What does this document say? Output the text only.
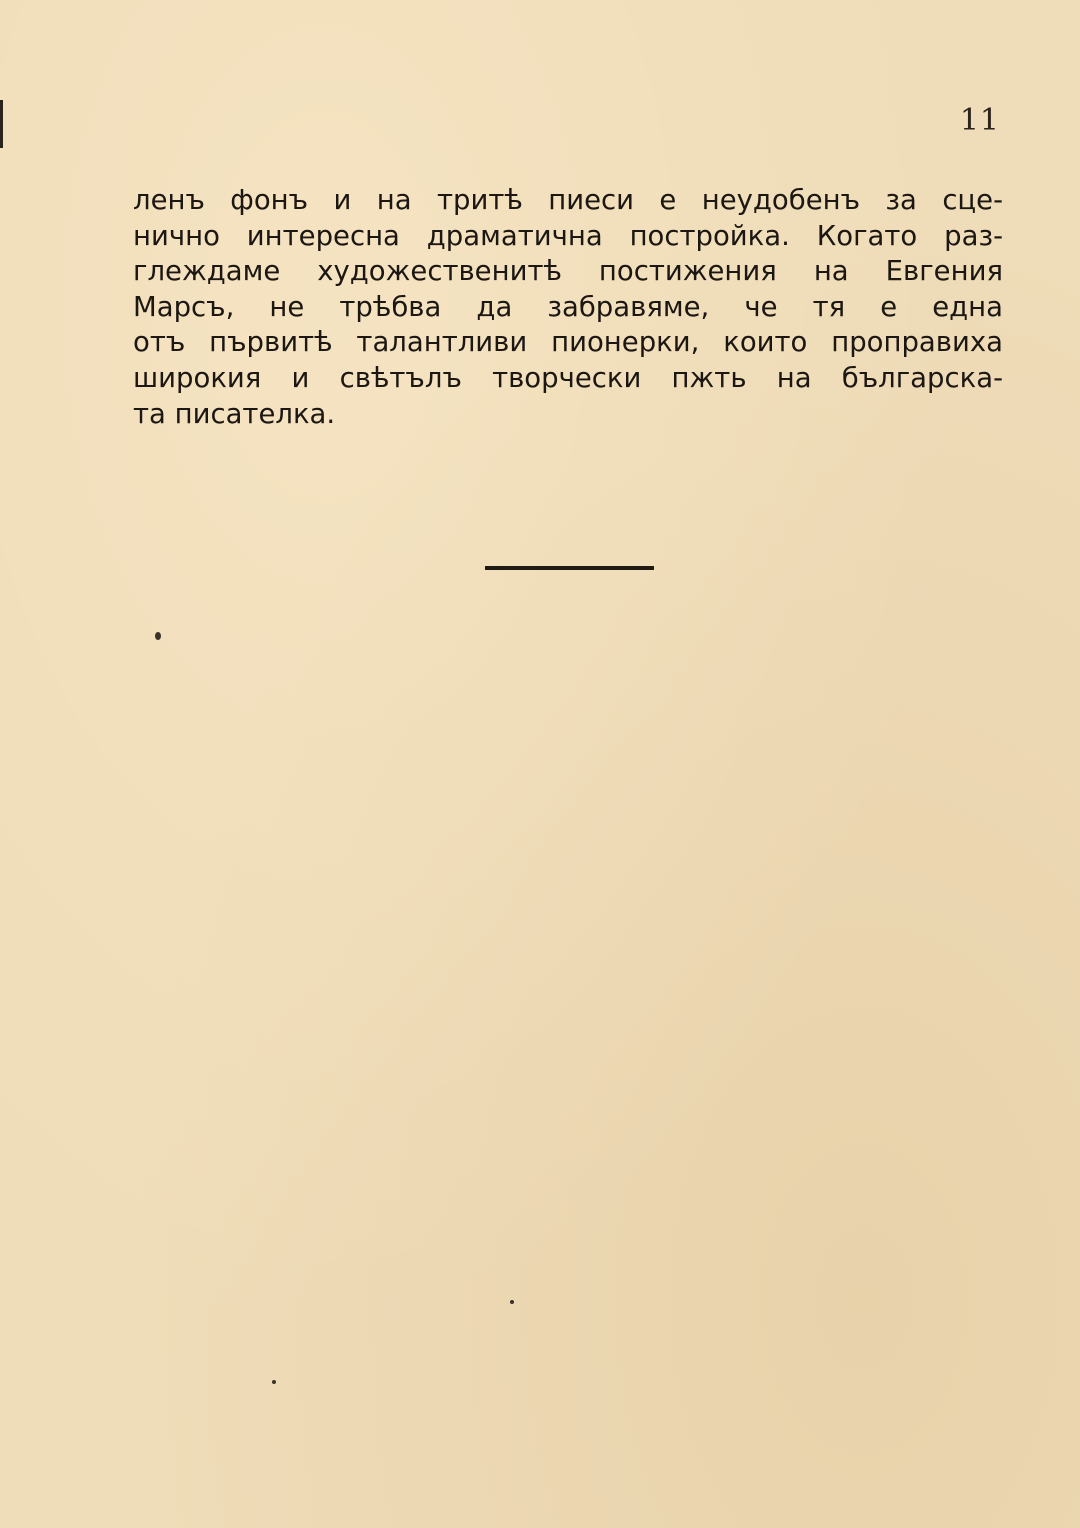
11
ленъ фонъ и на тритѣ пиеси е неудобенъ за сце-
нично интересна драматична постройка. Когато раз-
глеждаме художественитѣ постижения на Евгения
Марсъ, не трѣбва да забравяме, че тя е една
отъ първитѣ талантливи пионерки, които проправиха
широкия и свѣтълъ творчески пжть на българска-
та писателка.
